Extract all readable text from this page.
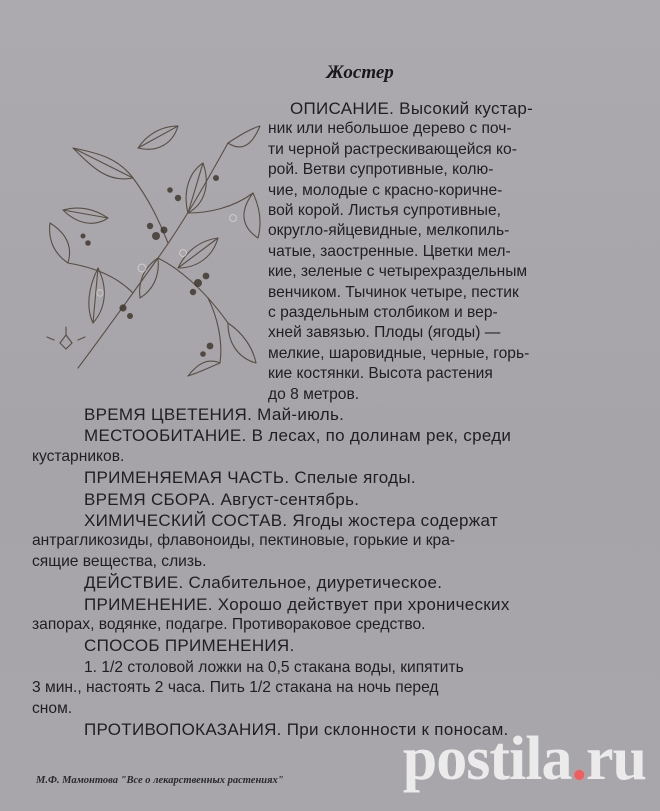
Жостер
ОПИСАНИЕ. Высокий кустар-
ник или небольшое дерево с поч-
ти черной растрескивающейся ко-
рой. Ветви супротивные, колю-
чие, молодые с красно-коричне-
вой корой. Листья супротивные,
округло-яйцевидные, мелкопиль-
чатые, заостренные. Цветки мел-
кие, зеленые с четырехраздельным
венчиком. Тычинок четыре, пестик
с раздельным столбиком и вер-
хней завязью. Плоды (ягоды) —
мелкие, шаровидные, черные, горь-
кие костянки. Высота растения
до 8 метров.
ВРЕМЯ ЦВЕТЕНИЯ. Май-июль.
МЕСТООБИТАНИЕ. В лесах, по долинам рек, среди
кустарников.
ПРИМЕНЯЕМАЯ ЧАСТЬ. Спелые ягоды.
ВРЕМЯ СБОРА. Август-сентябрь.
ХИМИЧЕСКИЙ СОСТАВ. Ягоды жостера содержат
антрагликозиды, флавоноиды, пектиновые, горькие и кра-
сящие вещества, слизь.
ДЕЙСТВИЕ. Слабительное, диуретическое.
ПРИМЕНЕНИЕ. Хорошо действует при хронических
запорах, водянке, подагре. Противораковое средство.
СПОСОБ ПРИМЕНЕНИЯ.
1. 1/2 столовой ложки на 0,5 стакана воды, кипятить
3 мин., настоять 2 часа. Пить 1/2 стакана на ночь перед
сном.
ПРОТИВОПОКАЗАНИЯ. При склонности к поносам.
М.Ф. Мамонтова "Все о лекарственных растениях" postila.ru
